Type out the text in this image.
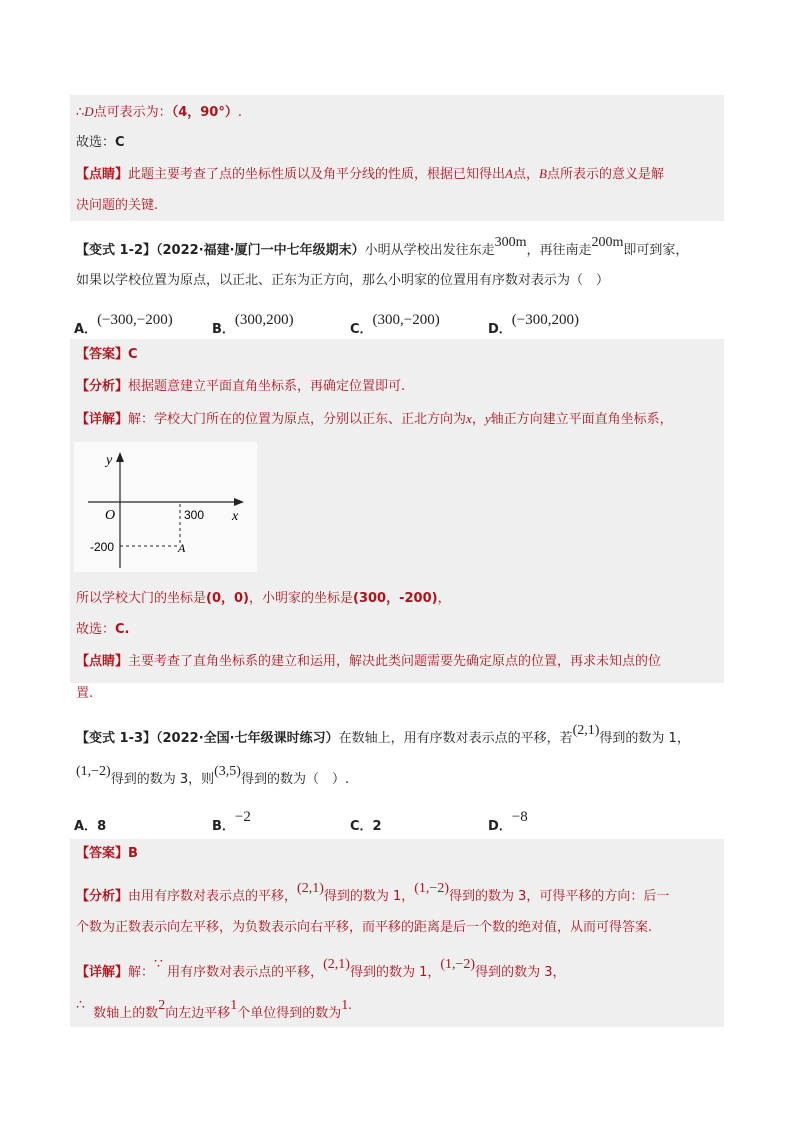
∴D点可表示为：（4，90°）.
故选：C
【点睛】此题主要考查了点的坐标性质以及角平分线的性质，根据已知得出A点，B点所表示的意义是解
决问题的关键.
【变式 1-2】（2022·福建·厦门一中七年级期末）小明从学校出发往东走300m，再往南走200m即可到家，
如果以学校位置为原点，以正北、正东为正方向，那么小明家的位置用有序数对表示为（　）
A．(−300,−200)
B．(300,200)
C．(300,−200)
D．(−300,200)
【答案】C
【分析】根据题意建立平面直角坐标系，再确定位置即可.
【详解】解：学校大门所在的位置为原点，分别以正东、正北方向为x，y轴正方向建立平面直角坐标系，
y
x
O	300
-200	A
所以学校大门的坐标是(0，0)，小明家的坐标是(300，-200)，
故选：C.
【点睛】主要考查了直角坐标系的建立和运用，解决此类问题需要先确定原点的位置，再求未知点的位
置.
【变式 1-3】（2022·全国·七年级课时练习）在数轴上，用有序数对表示点的平移，若(2,1)得到的数为 1，
(1,−2)得到的数为 3，则(3,5)得到的数为（　）.
A．8	B．−2
C．2	D．−8
【答案】B
【分析】由用有序数对表示点的平移，(2,1)得到的数为 1，(1,−2)得到的数为 3，可得平移的方向：后一
个数为正数表示向左平移，为负数表示向右平移，而平移的距离是后一个数的绝对值，从而可得答案.
【详解】解：∵ 用有序数对表示点的平移，(2,1)得到的数为 1，(1,−2)得到的数为 3，
∴  数轴上的数2向左边平移1个单位得到的数为1.
